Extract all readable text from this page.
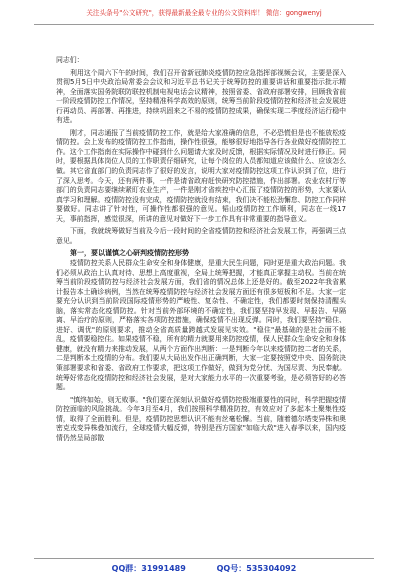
关注头条号"公文研究"，获得最新最全最专业的公文资料库！ 微信：gongwenyj

同志们：

利用这个周六下午的时间，我们召开省新冠肺炎疫情防控应急指挥部视频会议，主要是深入贯彻5月5日中央政治局常委会会议和习近平总书记关于统筹防控的重要讲话和重要指示批示精神，全面落实国务院联防联控机制电视电话会议精神，按照省委、省政府部署安排，回顾我省前一阶段疫情防控工作情况，坚持精准科学高效的原则，统筹当前阶段疫情防控和经济社会发展进行再动员、再部署、再推进，持续巩固来之不易的疫情防控成果，确保实现二季度经济运行稳中有进。

刚才，同志通报了当前疫情防控工作，就是给大家准确的信息，不必恐慌但是也不能放松疫情防控。会上发布的疫情防控工作指南，操作性很强，能够很好地指导各行各业做好疫情防控工作。这个工作指南在实际操作中碰到什么问题请大家及时反馈，根据实际情况及时进行修正。同时，要根据具体岗位人员的工作职责仔细研究，让每个岗位的人员都知道应该做什么、应该怎么做。其它省直部门的负责同志作了很好的发言，说明大家对疫情防控这项工作认识到了位，进行了深入思考。今天，还有两件事，一件是请省政府赶快研究防控措施，作出部署。农业农村厅等部门的负责同志要继续紧盯农业生产，一件是刚才省疾控中心汇报了疫情防控的形势，大家要认真学习和理解。疫情防控没有完成，疫情防控就没有结束，我们决不能松劲懈怠、防控工作同样要做好。同志讲了针对性，可操作性都很强的意见。韬山疫情防控工作顺利，同志在一线17天，事前指挥，感觉很深，所讲的意见对做好下一步工作具有非常重要的指导意义。

下面，我就统筹做好当前及今后一段时间的全省疫情防控和经济社会发展工作，再强调三点意见。

第一，要以谨慎之心研判疫情防控形势

疫情防控关系人民群众生命安全和身体健康，是重大民生问题，同时更是重大政治问题。我们必须从政治上认真对待、思想上高度重视，全局上统筹把握，才能真正掌握主动权。当前在统筹当前阶段疫情防控与经济社会发展方面，我们省的情况总体上还是好的。截至2022年我省累计报告本土确诊病例，当然在统筹疫情防控与经济社会发展方面还有很多短板和不足。大家一定要充分认识到当前阶段国际疫情形势的严峻性、复杂性、不确定性，我们都要时刻保持清醒头脑，落实常态化疫情防控。针对当前外部环境的不确定性，我们要坚持早发现、早报告、早隔离、早治疗的原则，严格落实各项防控措施，确保疫情不出现反弹。同时，我们要坚持"稳住、进好、调优"的原则要求，推动全省高质量跨越式发展见实效。"稳住"最基础的是社会面不能乱，疫情要稳控住。如果疫情不稳，所有的精力就要用来防控疫情，保人民群众生命安全和身体健康，就没有精力来推动发展，从两个方面作出判断：一是判断今年以来疫情防控二者的关系，二是判断本土疫情的分布。我们要从大局出发作出正确判断，大家一定要按照党中央、国务院决策部署要求和省委、省政府工作要求，把这项工作做好，做到为党分忧、为国尽责、为民奉献。统筹好常态化疫情防控和经济社会发展，是对大家能力水平的一次重要考验，是必须答好的必答题。

"慎终如始，则无败事。"我们要在深刻认识做好疫情防控极端重要性的同时，科学把握疫情防控面临的风险挑战。今年3月至4月，我们按照科学精准防控，有效应对了多起本土聚集性疫情，取得了全面胜利。但是，疫情防控思想认识不能有丝毫松懈。当前，随着德尔塔变异株和奥密克戎变异株叠加流行，全球疫情大幅反弹，特别是西方国家"如临大敌"进入春季以来，国内疫情仍然呈局部散

QQ群：31991489	QQ号：535304092
